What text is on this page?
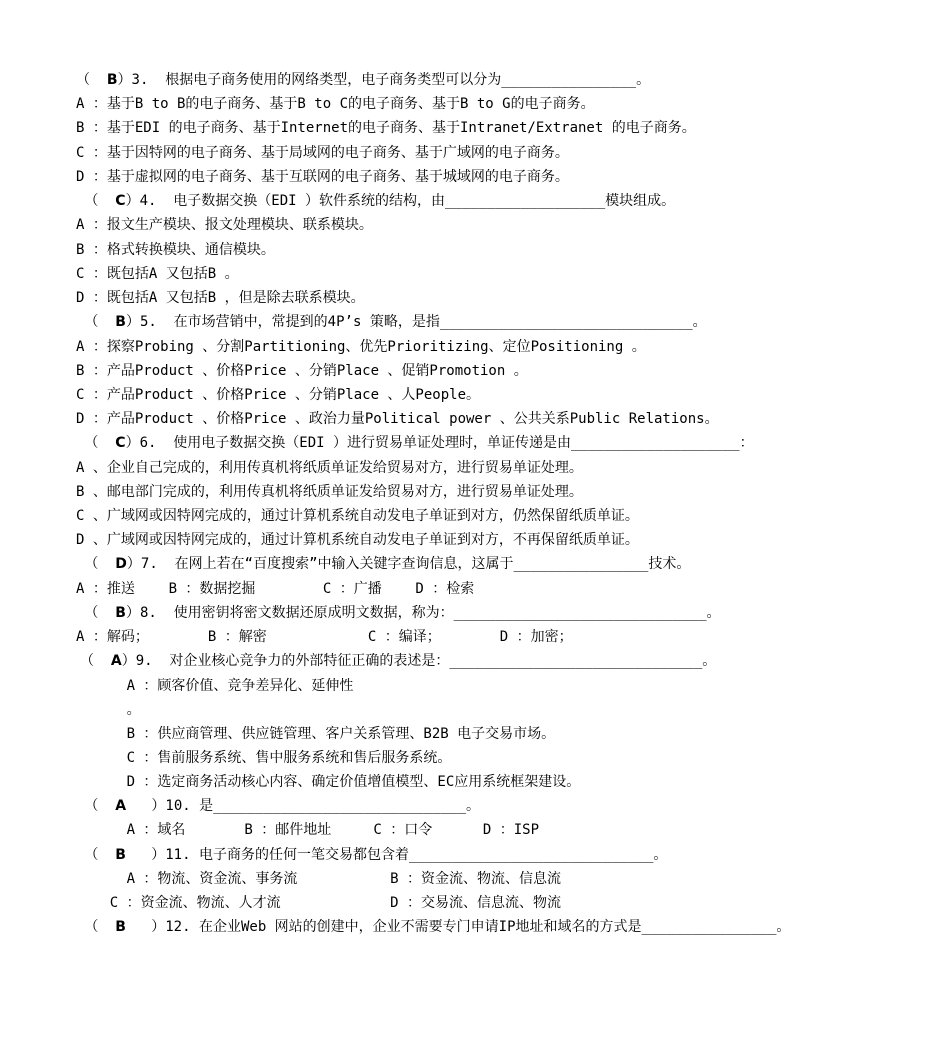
（  B）3.  根据电子商务使用的网络类型，电子商务类型可以分为________________。
A ：基于B to B的电子商务、基于B to C的电子商务、基于B to G的电子商务。
B ：基于EDI 的电子商务、基于Internet的电子商务、基于Intranet/Extranet 的电子商务。
C ：基于因特网的电子商务、基于局域网的电子商务、基于广域网的电子商务。
D ：基于虚拟网的电子商务、基于互联网的电子商务、基于城域网的电子商务。
（  C）4.  电子数据交换（EDI ）软件系统的结构，由___________________模块组成。
A ：报文生产模块、报文处理模块、联系模块。
B ：格式转换模块、通信模块。
C ：既包括A 又包括B 。
D ：既包括A 又包括B ，但是除去联系模块。
（  B）5.  在市场营销中，常提到的4P’s 策略，是指______________________________。
A ：探察Probing 、分割Partitioning、优先Prioritizing、定位Positioning 。
B ：产品Product 、价格Price 、分销Place 、促销Promotion 。
C ：产品Product 、价格Price 、分销Place 、人People。
D ：产品Product 、价格Price 、政治力量Political power 、公共关系Public Relations。
（  C）6.  使用电子数据交换（EDI ）进行贸易单证处理时，单证传递是由____________________：
A 、企业自己完成的，利用传真机将纸质单证发给贸易对方，进行贸易单证处理。
B 、邮电部门完成的，利用传真机将纸质单证发给贸易对方，进行贸易单证处理。
C 、广域网或因特网完成的，通过计算机系统自动发电子单证到对方，仍然保留纸质单证。
D 、广域网或因特网完成的，通过计算机系统自动发电子单证到对方，不再保留纸质单证。
（  D）7.  在网上若在“百度搜索”中输入关键字查询信息，这属于________________技术。
A ：推送    B ：数据挖掘        C ：广播    D ：检索
（  B）8.  使用密钥将密文数据还原成明文数据，称为：______________________________。
A ：解码；       B ：解密            C ：编译；       D ：加密；
（  A）9.  对企业核心竞争力的外部特征正确的表述是：______________________________。
A ：顾客价值、竞争差异化、延伸性
。
B ：供应商管理、供应链管理、客户关系管理、B2B 电子交易市场。
C ：售前服务系统、售中服务系统和售后服务系统。
D ：选定商务活动核心内容、确定价值增值模型、EC应用系统框架建设。
（  A   ）10. 是______________________________。
A ：域名       B ：邮件地址     C ：口令      D ：ISP
（  B   ）11. 电子商务的任何一笔交易都包含着_____________________________。
A ：物流、资金流、事务流           B ：资金流、物流、信息流
C ：资金流、物流、人才流             D ：交易流、信息流、物流
（  B   ）12. 在企业Web 网站的创建中，企业不需要专门申请IP地址和域名的方式是________________。
